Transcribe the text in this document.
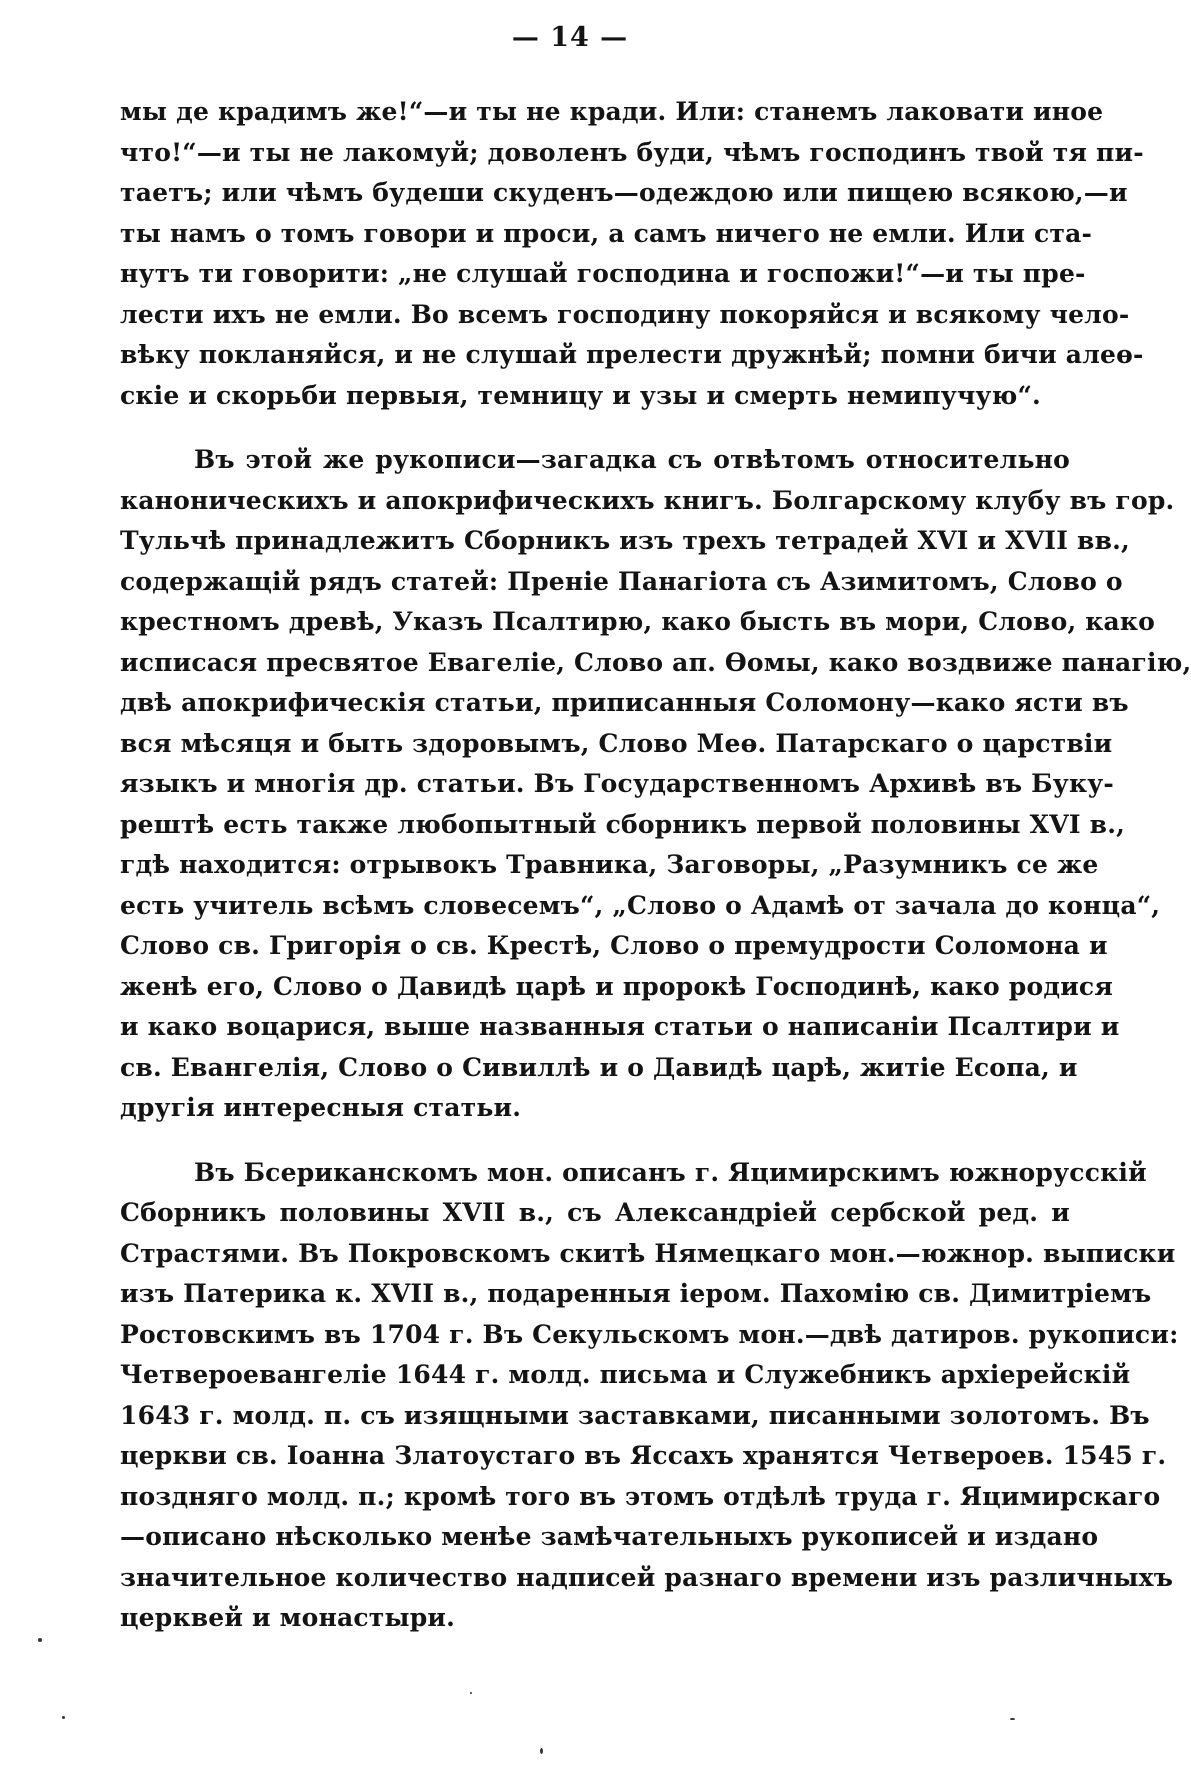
— 14 —
мы де крадимъ же!“—и ты не кради. Или: станемъ лаковати иное
что!“—и ты не лакомуй; доволенъ буди, чѣмъ господинъ твой тя пи-
таетъ; или чѣмъ будеши скуденъ—одеждою или пищею всякою,—и
ты намъ о томъ говори и проси, а самъ ничего не емли. Или ста-
нутъ ти говорити: „не слушай господина и госпожи!“—и ты пре-
лести ихъ не емли. Во всемъ господину покоряйся и всякому чело-
вѣку покланяйся, и не слушай прелести дружнѣй; помни бичи алеө-
скіе и скорьби первыя, темницу и узы и смерть немипучую“.
Въ этой же рукописи—загадка съ отвѣтомъ относительно
каноническихъ и апокрифическихъ книгъ. Болгарскому клубу въ гор.
Тульчѣ принадлежитъ Сборникъ изъ трехъ тетрадей XVI и XVII вв.,
содержащій рядъ статей: Преніе Панагіота съ Азимитомъ, Слово о
крестномъ древѣ, Указъ Псалтирю, како бысть въ мори, Слово, како
исписася пресвятое Евагеліе, Слово ап. Өомы, како воздвиже панагію,
двѣ апокрифическія статьи, приписанныя Соломону—како ясти въ
вся мѣсяця и быть здоровымъ, Слово Меө. Патарскаго о царствіи
языкъ и многія др. статьи. Въ Государственномъ Архивѣ въ Буку-
рештѣ есть также любопытный сборникъ первой половины XVI в.,
гдѣ находится: отрывокъ Травника, Заговоры, „Разумникъ се же
есть учитель всѣмъ словесемъ“, „Слово о Адамѣ от зачала до конца“,
Слово св. Григорія о св. Крестѣ, Слово о премудрости Соломона и
женѣ его, Слово о Давидѣ царѣ и пророкѣ Господинѣ, како родися
и како воцарися, выше названныя статьи о написаніи Псалтири и
св. Евангелія, Слово о Сивиллѣ и о Давидѣ царѣ, житіе Есопа, и
другія интересныя статьи.
Въ Бсериканскомъ мон. описанъ г. Яцимирскимъ южнорусскій
Сборникъ половины XVII в., съ Александріей сербской ред. и
Страстями. Въ Покровскомъ скитѣ Нямецкаго мон.—южнор. выписки
изъ Патерика к. XVII в., подаренныя іером. Пахомію св. Димитріемъ
Ростовскимъ въ 1704 г. Въ Секульскомъ мон.—двѣ датиров. рукописи:
Четвероевангеліе 1644 г. молд. письма и Служебникъ архіерейскій
1643 г. молд. п. съ изящными заставками, писанными золотомъ. Въ
церкви св. Іоанна Златоустаго въ Яссахъ хранятся Четвероев. 1545 г.
поздняго молд. п.; кромѣ того въ этомъ отдѣлѣ труда г. Яцимирскаго
—описано нѣсколько менѣе замѣчательныхъ рукописей и издано
значительное количество надписей разнаго времени изъ различныхъ
церквей и монастыри.
